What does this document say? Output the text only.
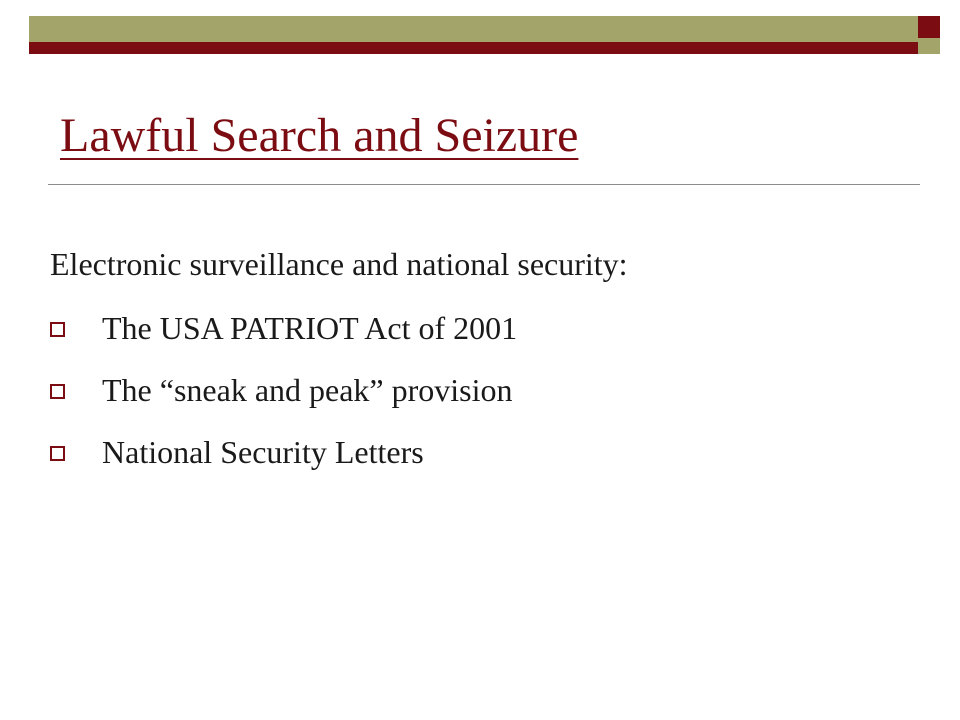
Lawful Search and Seizure
Electronic surveillance and national security:
The USA PATRIOT Act of 2001
The “sneak and peak” provision
National Security Letters
